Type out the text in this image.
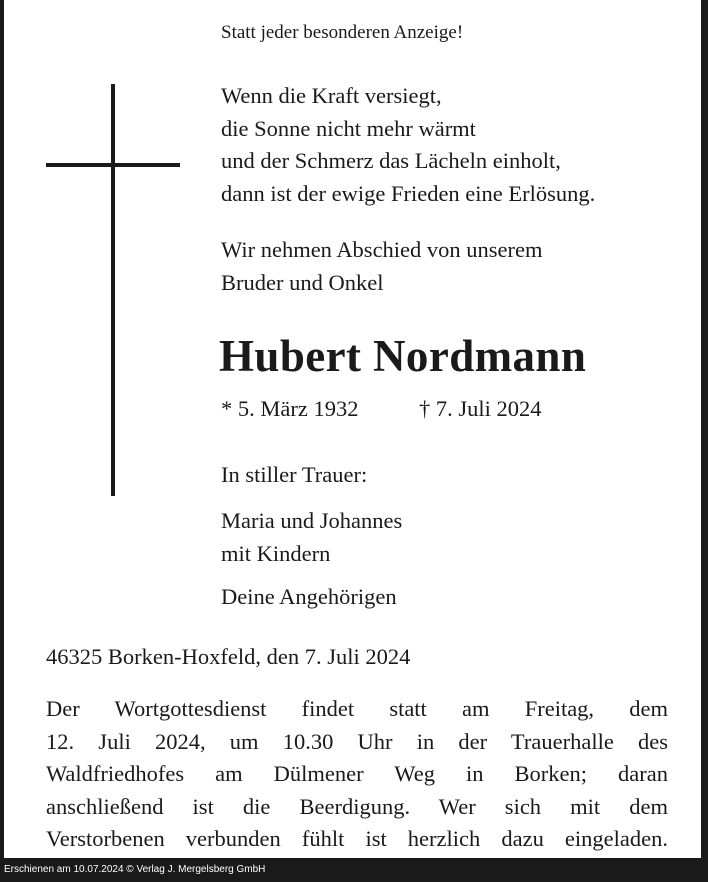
Statt jeder besonderen Anzeige!
Wenn die Kraft versiegt,
die Sonne nicht mehr wärmt
und der Schmerz das Lächeln einholt,
dann ist der ewige Frieden eine Erlösung.
Wir nehmen Abschied von unserem
Bruder und Onkel
Hubert Nordmann
* 5. März 1932	† 7. Juli 2024
In stiller Trauer:
Maria und Johannes
mit Kindern
Deine Angehörigen
46325 Borken-Hoxfeld, den 7. Juli 2024
Der Wortgottesdienst findet statt am Freitag, dem
12. Juli 2024, um 10.30 Uhr in der Trauerhalle des
Waldfriedhofes am Dülmener Weg in Borken; daran
anschließend ist die Beerdigung. Wer sich mit dem
Verstorbenen verbunden fühlt ist herzlich dazu eingeladen.
Erschienen am 10.07.2024 © Verlag J. Mergelsberg GmbH
